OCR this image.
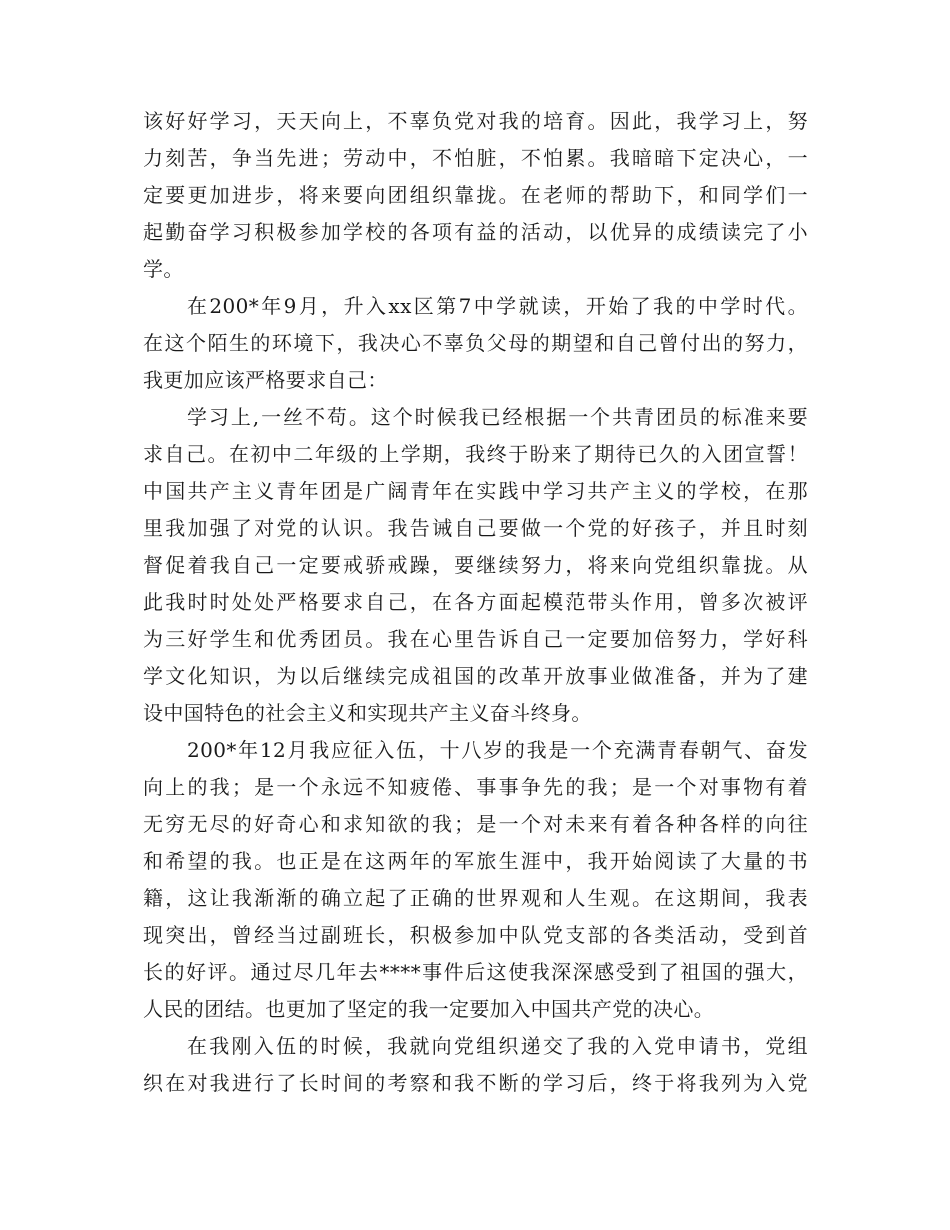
该好好学习，天天向上，不辜负党对我的培育。因此，我学习上，努
力刻苦，争当先进；劳动中，不怕脏，不怕累。我暗暗下定决心，一
定要更加进步，将来要向团组织靠拢。在老师的帮助下，和同学们一
起勤奋学习积极参加学校的各项有益的活动，以优异的成绩读完了小
学。
在200*年9月，升入xx区第7中学就读，开始了我的中学时代。
在这个陌生的环境下，我决心不辜负父母的期望和自己曾付出的努力，
我更加应该严格要求自己：
学习上,一丝不苟。这个时候我已经根据一个共青团员的标准来要
求自己。在初中二年级的上学期，我终于盼来了期待已久的入团宣誓！
中国共产主义青年团是广阔青年在实践中学习共产主义的学校，在那
里我加强了对党的认识。我告诫自己要做一个党的好孩子，并且时刻
督促着我自己一定要戒骄戒躁，要继续努力，将来向党组织靠拢。从
此我时时处处严格要求自己，在各方面起模范带头作用，曾多次被评
为三好学生和优秀团员。我在心里告诉自己一定要加倍努力，学好科
学文化知识，为以后继续完成祖国的改革开放事业做准备，并为了建
设中国特色的社会主义和实现共产主义奋斗终身。
200*年12月我应征入伍，十八岁的我是一个充满青春朝气、奋发
向上的我；是一个永远不知疲倦、事事争先的我；是一个对事物有着
无穷无尽的好奇心和求知欲的我；是一个对未来有着各种各样的向往
和希望的我。也正是在这两年的军旅生涯中，我开始阅读了大量的书
籍，这让我渐渐的确立起了正确的世界观和人生观。在这期间，我表
现突出，曾经当过副班长，积极参加中队党支部的各类活动，受到首
长的好评。通过尽几年去****事件后这使我深深感受到了祖国的强大，
人民的团结。也更加了坚定的我一定要加入中国共产党的决心。
在我刚入伍的时候，我就向党组织递交了我的入党申请书，党组
织在对我进行了长时间的考察和我不断的学习后，终于将我列为入党
